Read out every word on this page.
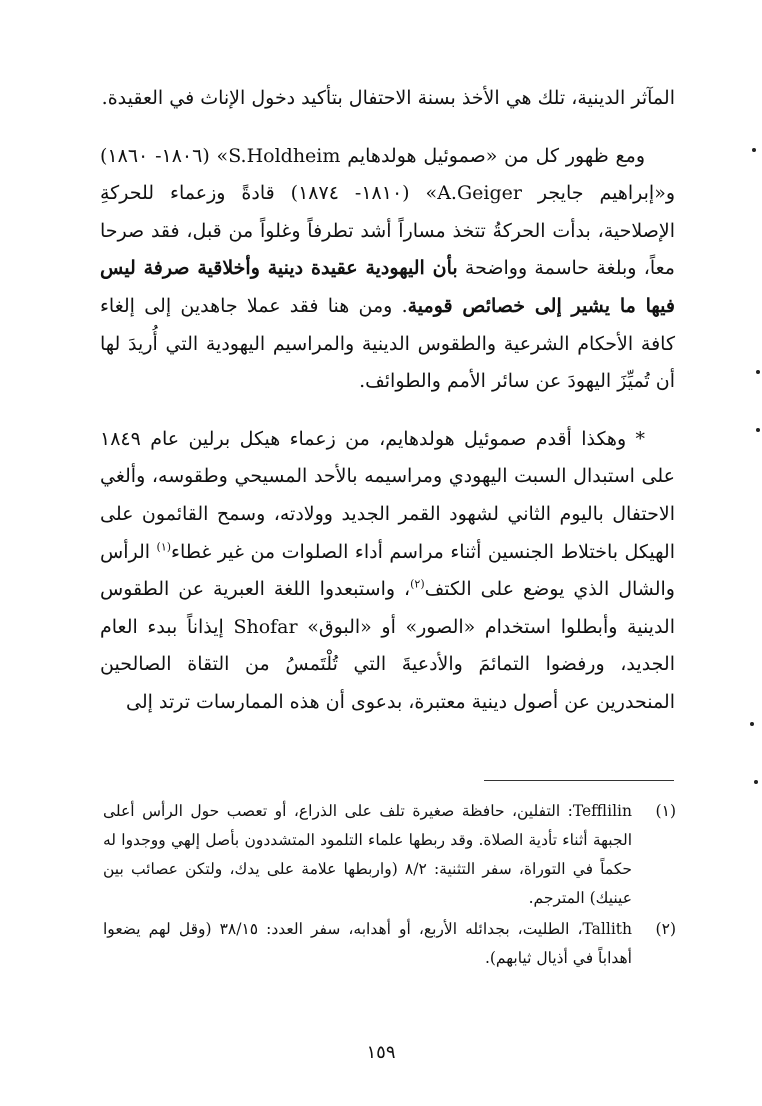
المآثر الدينية، تلك هي الأخذ بسنة الاحتفال بتأكيد دخول الإناث في العقيدة.

ومع ظهور كل من «صموئيل هولدهايم S.Holdheim» (١٨٠٦- ١٨٦٠) و«إبراهيم جايجر A.Geiger» (١٨١٠- ١٨٧٤) قادةً وزعماء للحركةِ الإصلاحية، بدأت الحركةُ تتخذ مساراً أشد تطرفاً وغلواً من قبل، فقد صرحا معاً، وبلغة حاسمة وواضحة بأن اليهودية عقيدة دينية وأخلاقية صرفة ليس فيها ما يشير إلى خصائص قومية. ومن هنا فقد عملا جاهدين إلى إلغاء كافة الأحكام الشرعية والطقوس الدينية والمراسيم اليهودية التي أُريدَ لها أن تُميِّزَ اليهودَ عن سائر الأمم والطوائف.

* وهكذا أقدم صموئيل هولدهايم، من زعماء هيكل برلين عام ١٨٤٩ على استبدال السبت اليهودي ومراسيمه بالأحد المسيحي وطقوسه، وألغي الاحتفال باليوم الثاني لشهود القمر الجديد وولادته، وسمح القائمون على الهيكل باختلاط الجنسين أثناء مراسم أداء الصلوات من غير غطاء$^{(١)}$ الرأس والشال الذي يوضع على الكتف$^{(٢)}$، واستبعدوا اللغة العبرية عن الطقوس الدينية وأبطلوا استخدام «الصور» أو «البوق» Shofar إيذاناً ببدء العام الجديد، ورفضوا التمائمَ والأدعيةَ التي تُلْتَمسُ من التقاة الصالحين المنحدرين عن أصول دينية معتبرة، بدعوى أن هذه الممارسات ترتد إلى

(١)
Tefflilin: التفلين، حافظة صغيرة تلف على الذراع، أو تعصب حول الرأس أعلى الجبهة أثناء تأدية الصلاة. وقد ربطها علماء التلمود المتشددون بأصل إلهي ووجدوا له حكماً في التوراة، سفر التثنية: ٨/٢ (واربطها علامة على يدك، ولتكن عصائب بين عينيك) المترجم.
(٢)
Tallith، الطليت، بجدائله الأربع، أو أهدابه، سفر العدد: ٣٨/١٥ (وقل لهم يضعوا أهداباً في أذيال ثيابهم).
١٥٩
